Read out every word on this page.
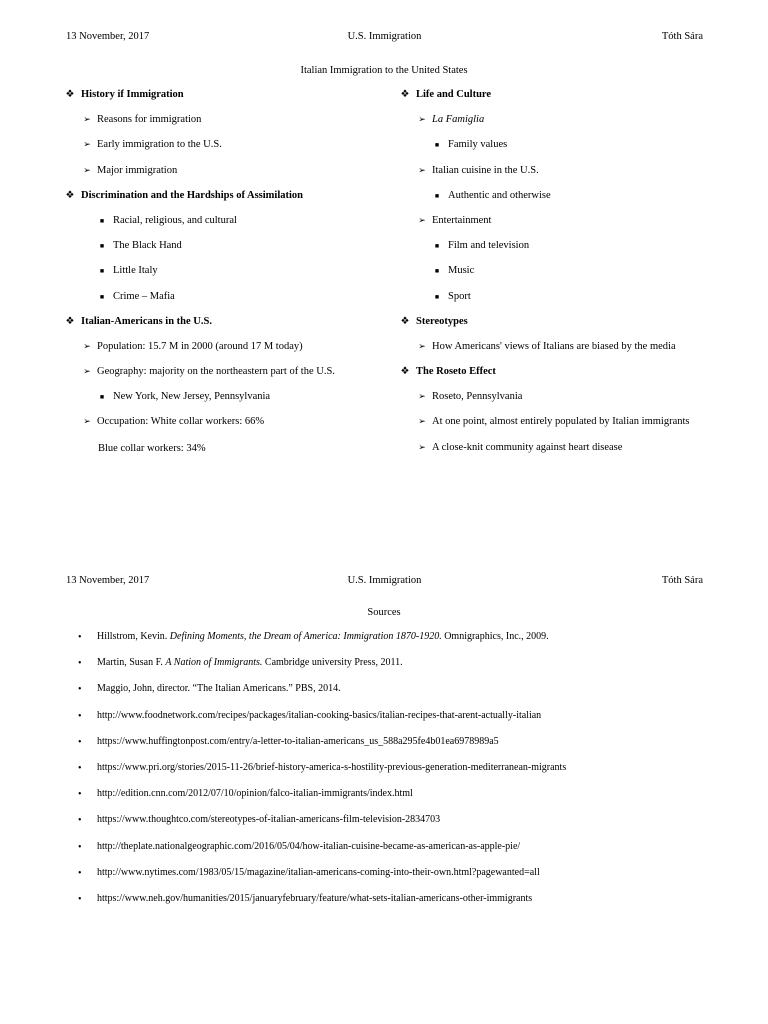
13 November, 2017	U.S. Immigration	Tóth Sára
Italian Immigration to the United States
❖ History if Immigration
➢ Reasons for immigration
➢ Early immigration to the U.S.
➢ Major immigration
❖ Discrimination and the Hardships of Assimilation
■ Racial, religious, and cultural
■ The Black Hand
■ Little Italy
■ Crime – Mafia
❖ Italian-Americans in the U.S.
➢ Population: 15.7 M in 2000 (around 17 M today)
➢ Geography: majority on the northeastern part of the U.S.
■ New York, New Jersey, Pennsylvania
➢ Occupation: White collar workers: 66%
❖ Life and Culture
➢ La Famiglia
■ Family values
➢ Italian cuisine in the U.S.
■ Authentic and otherwise
➢ Entertainment
■ Film and television
■ Music
■ Sport
❖ Stereotypes
➢ How Americans' views of Italians are biased by the media
❖ The Roseto Effect
➢ Roseto, Pennsylvania
➢ At one point, almost entirely populated by Italian immigrants
➢ A close-knit community against heart disease
Blue collar workers: 34%
13 November, 2017	U.S. Immigration	Tóth Sára
Sources
• Hillstrom, Kevin. Defining Moments, the Dream of America: Immigration 1870-1920. Omnigraphics, Inc., 2009.
• Martin, Susan F. A Nation of Immigrants. Cambridge university Press, 2011.
• Maggio, John, director. “The Italian Americans.” PBS, 2014.
• http://www.foodnetwork.com/recipes/packages/italian-cooking-basics/italian-recipes-that-arent-actually-italian
• https://www.huffingtonpost.com/entry/a-letter-to-italian-americans_us_588a295fe4b01ea6978989a5
• https://www.pri.org/stories/2015-11-26/brief-history-america-s-hostility-previous-generation-mediterranean-migrants
• http://edition.cnn.com/2012/07/10/opinion/falco-italian-immigrants/index.html
• https://www.thoughtco.com/stereotypes-of-italian-americans-film-television-2834703
• http://theplate.nationalgeographic.com/2016/05/04/how-italian-cuisine-became-as-american-as-apple-pie/
• http://www.nytimes.com/1983/05/15/magazine/italian-americans-coming-into-their-own.html?pagewanted=all
• https://www.neh.gov/humanities/2015/januaryfebruary/feature/what-sets-italian-americans-other-immigrants
